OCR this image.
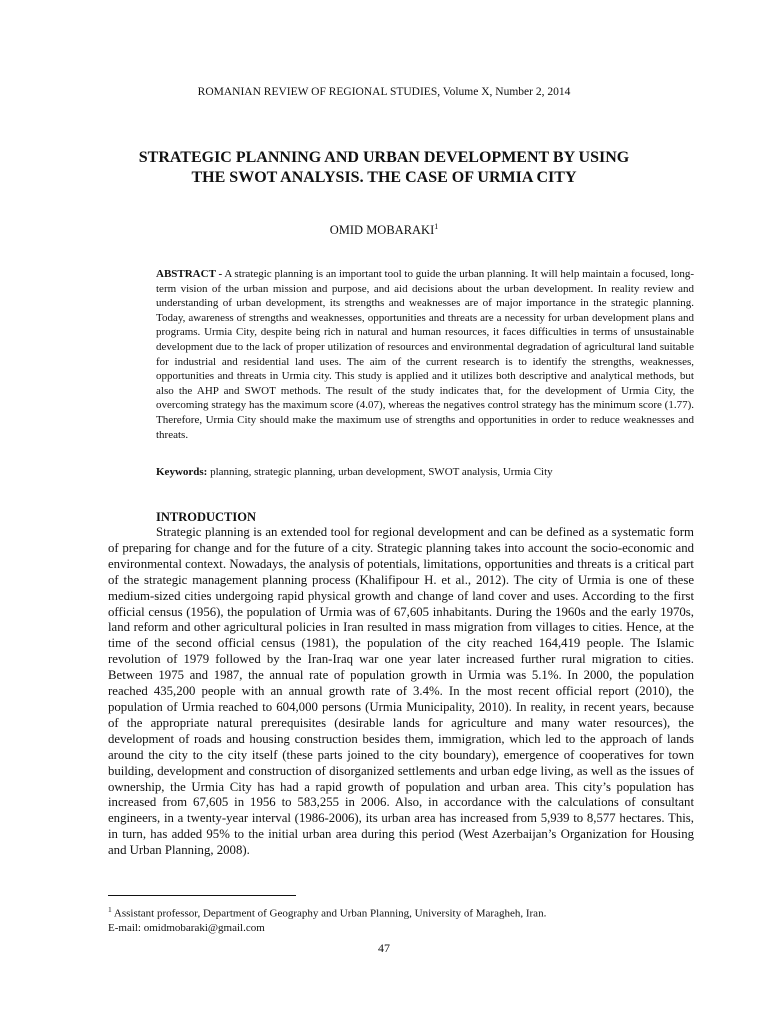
ROMANIAN REVIEW OF REGIONAL STUDIES, Volume X, Number 2, 2014
STRATEGIC PLANNING AND URBAN DEVELOPMENT BY USING
THE SWOT ANALYSIS. THE CASE OF URMIA CITY
OMID MOBARAKI$^1$
ABSTRACT - A strategic planning is an important tool to guide the urban planning. It will help maintain a focused, long-term vision of the urban mission and purpose, and aid decisions about the urban development. In reality review and understanding of urban development, its strengths and weaknesses are of major importance in the strategic planning. Today, awareness of strengths and weaknesses, opportunities and threats are a necessity for urban development plans and programs. Urmia City, despite being rich in natural and human resources, it faces difficulties in terms of unsustainable development due to the lack of proper utilization of resources and environmental degradation of agricultural land suitable for industrial and residential land uses. The aim of the current research is to identify the strengths, weaknesses, opportunities and threats in Urmia city. This study is applied and it utilizes both descriptive and analytical methods, but also the AHP and SWOT methods. The result of the study indicates that, for the development of Urmia City, the overcoming strategy has the maximum score (4.07), whereas the negatives control strategy has the minimum score (1.77). Therefore, Urmia City should make the maximum use of strengths and opportunities in order to reduce weaknesses and threats.
Keywords: planning, strategic planning, urban development, SWOT analysis, Urmia City
INTRODUCTION
Strategic planning is an extended tool for regional development and can be defined as a systematic form of preparing for change and for the future of a city. Strategic planning takes into account the socio-economic and environmental context. Nowadays, the analysis of potentials, limitations, opportunities and threats is a critical part of the strategic management planning process (Khalifipour H. et al., 2012). The city of Urmia is one of these medium-sized cities undergoing rapid physical growth and change of land cover and uses. According to the first official census (1956), the population of Urmia was of 67,605 inhabitants. During the 1960s and the early 1970s, land reform and other agricultural policies in Iran resulted in mass migration from villages to cities. Hence, at the time of the second official census (1981), the population of the city reached 164,419 people. The Islamic revolution of 1979 followed by the Iran-Iraq war one year later increased further rural migration to cities. Between 1975 and 1987, the annual rate of population growth in Urmia was 5.1%. In 2000, the population reached 435,200 people with an annual growth rate of 3.4%. In the most recent official report (2010), the population of Urmia reached to 604,000 persons (Urmia Municipality, 2010). In reality, in recent years, because of the appropriate natural prerequisites (desirable lands for agriculture and many water resources), the development of roads and housing construction besides them, immigration, which led to the approach of lands around the city to the city itself (these parts joined to the city boundary), emergence of cooperatives for town building, development and construction of disorganized settlements and urban edge living, as well as the issues of ownership, the Urmia City has had a rapid growth of population and urban area. This city’s population has increased from 67,605 in 1956 to 583,255 in 2006. Also, in accordance with the calculations of consultant engineers, in a twenty-year interval (1986-2006), its urban area has increased from 5,939 to 8,577 hectares. This, in turn, has added 95% to the initial urban area during this period (West Azerbaijan’s Organization for Housing and Urban Planning, 2008).
$^1$ Assistant professor, Department of Geography and Urban Planning, University of Maragheh, Iran.
E-mail: omidmobaraki@gmail.com
47
